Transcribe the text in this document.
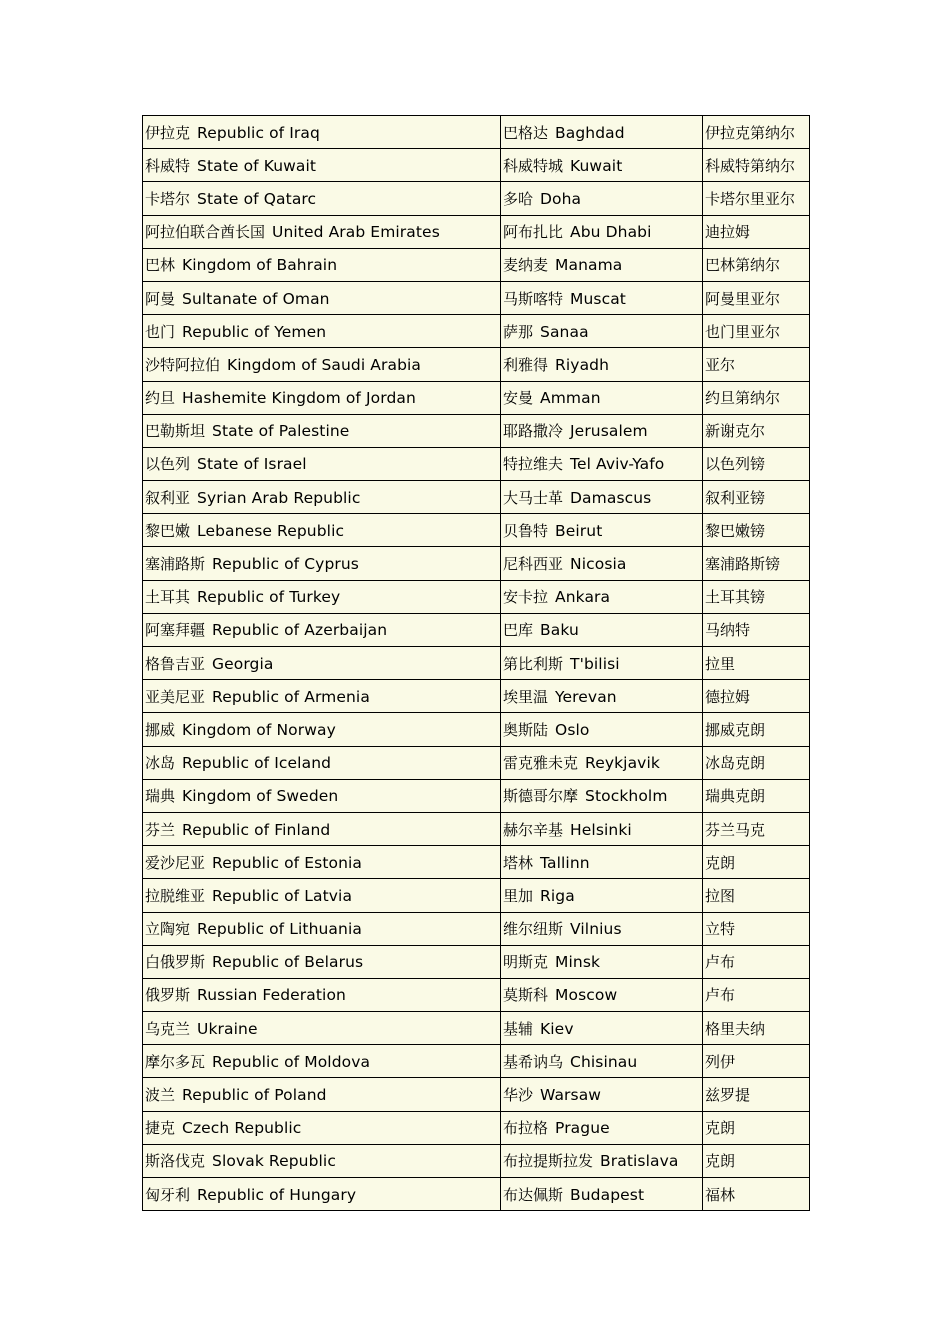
伊拉克 Republic of Iraq	巴格达 Baghdad	伊拉克第纳尔
科威特 State of Kuwait	科威特城 Kuwait	科威特第纳尔
卡塔尔 State of Qatarc	多哈 Doha	卡塔尔里亚尔
阿拉伯联合酋长国 United Arab Emirates	阿布扎比 Abu Dhabi	迪拉姆
巴林 Kingdom of Bahrain	麦纳麦 Manama	巴林第纳尔
阿曼 Sultanate of Oman	马斯喀特 Muscat	阿曼里亚尔
也门 Republic of Yemen	萨那 Sanaa	也门里亚尔
沙特阿拉伯 Kingdom of Saudi Arabia	利雅得 Riyadh	亚尔
约旦 Hashemite Kingdom of Jordan	安曼 Amman	约旦第纳尔
巴勒斯坦 State of Palestine	耶路撒冷 Jerusalem	新谢克尔
以色列 State of Israel	特拉维夫 Tel Aviv-Yafo	以色列镑
叙利亚 Syrian Arab Republic	大马士革 Damascus	叙利亚镑
黎巴嫩 Lebanese Republic	贝鲁特 Beirut	黎巴嫩镑
塞浦路斯 Republic of Cyprus	尼科西亚 Nicosia	塞浦路斯镑
土耳其 Republic of Turkey	安卡拉 Ankara	土耳其镑
阿塞拜疆 Republic of Azerbaijan	巴库 Baku	马纳特
格鲁吉亚 Georgia	第比利斯 T'bilisi	拉里
亚美尼亚 Republic of Armenia	埃里温 Yerevan	德拉姆
挪威 Kingdom of Norway	奥斯陆 Oslo	挪威克朗
冰岛 Republic of Iceland	雷克雅未克 Reykjavik	冰岛克朗
瑞典 Kingdom of Sweden	斯德哥尔摩 Stockholm	瑞典克朗
芬兰 Republic of Finland	赫尔辛基 Helsinki	芬兰马克
爱沙尼亚 Republic of Estonia	塔林 Tallinn	克朗
拉脱维亚 Republic of Latvia	里加 Riga	拉图
立陶宛 Republic of Lithuania	维尔纽斯 Vilnius	立特
白俄罗斯 Republic of Belarus	明斯克 Minsk	卢布
俄罗斯 Russian Federation	莫斯科 Moscow	卢布
乌克兰 Ukraine	基辅 Kiev	格里夫纳
摩尔多瓦 Republic of Moldova	基希讷乌 Chisinau	列伊
波兰 Republic of Poland	华沙 Warsaw	兹罗提
捷克 Czech Republic	布拉格 Prague	克朗
斯洛伐克 Slovak Republic	布拉提斯拉发 Bratislava	克朗
匈牙利 Republic of Hungary	布达佩斯 Budapest	福林
